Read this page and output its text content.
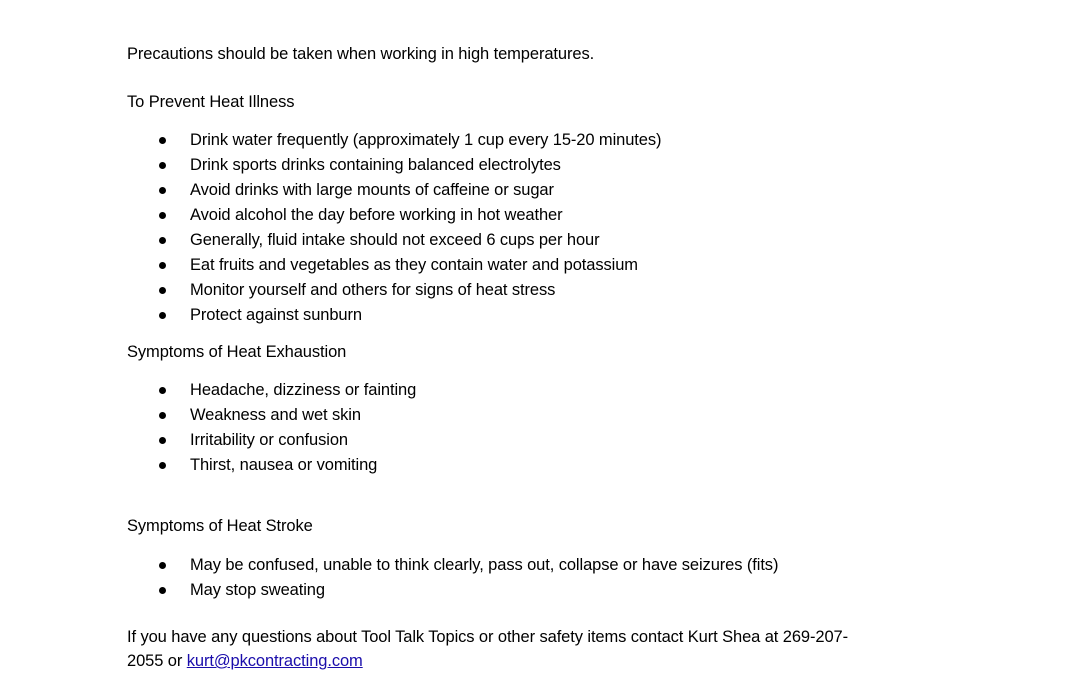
Precautions should be taken when working in high temperatures.
To Prevent Heat Illness
Drink water frequently (approximately 1 cup every 15-20 minutes)
Drink sports drinks containing balanced electrolytes
Avoid drinks with large mounts of caffeine or sugar
Avoid alcohol the day before working in hot weather
Generally, fluid intake should not exceed 6 cups per hour
Eat fruits and vegetables as they contain water and potassium
Monitor yourself and others for signs of heat stress
Protect against sunburn
Symptoms of Heat Exhaustion
Headache, dizziness or fainting
Weakness and wet skin
Irritability or confusion
Thirst, nausea or vomiting
Symptoms of Heat Stroke
May be confused, unable to think clearly, pass out, collapse or have seizures (fits)
May stop sweating
If you have any questions about Tool Talk Topics or other safety items contact Kurt Shea at 269-207-
2055 or kurt@pkcontracting.com
